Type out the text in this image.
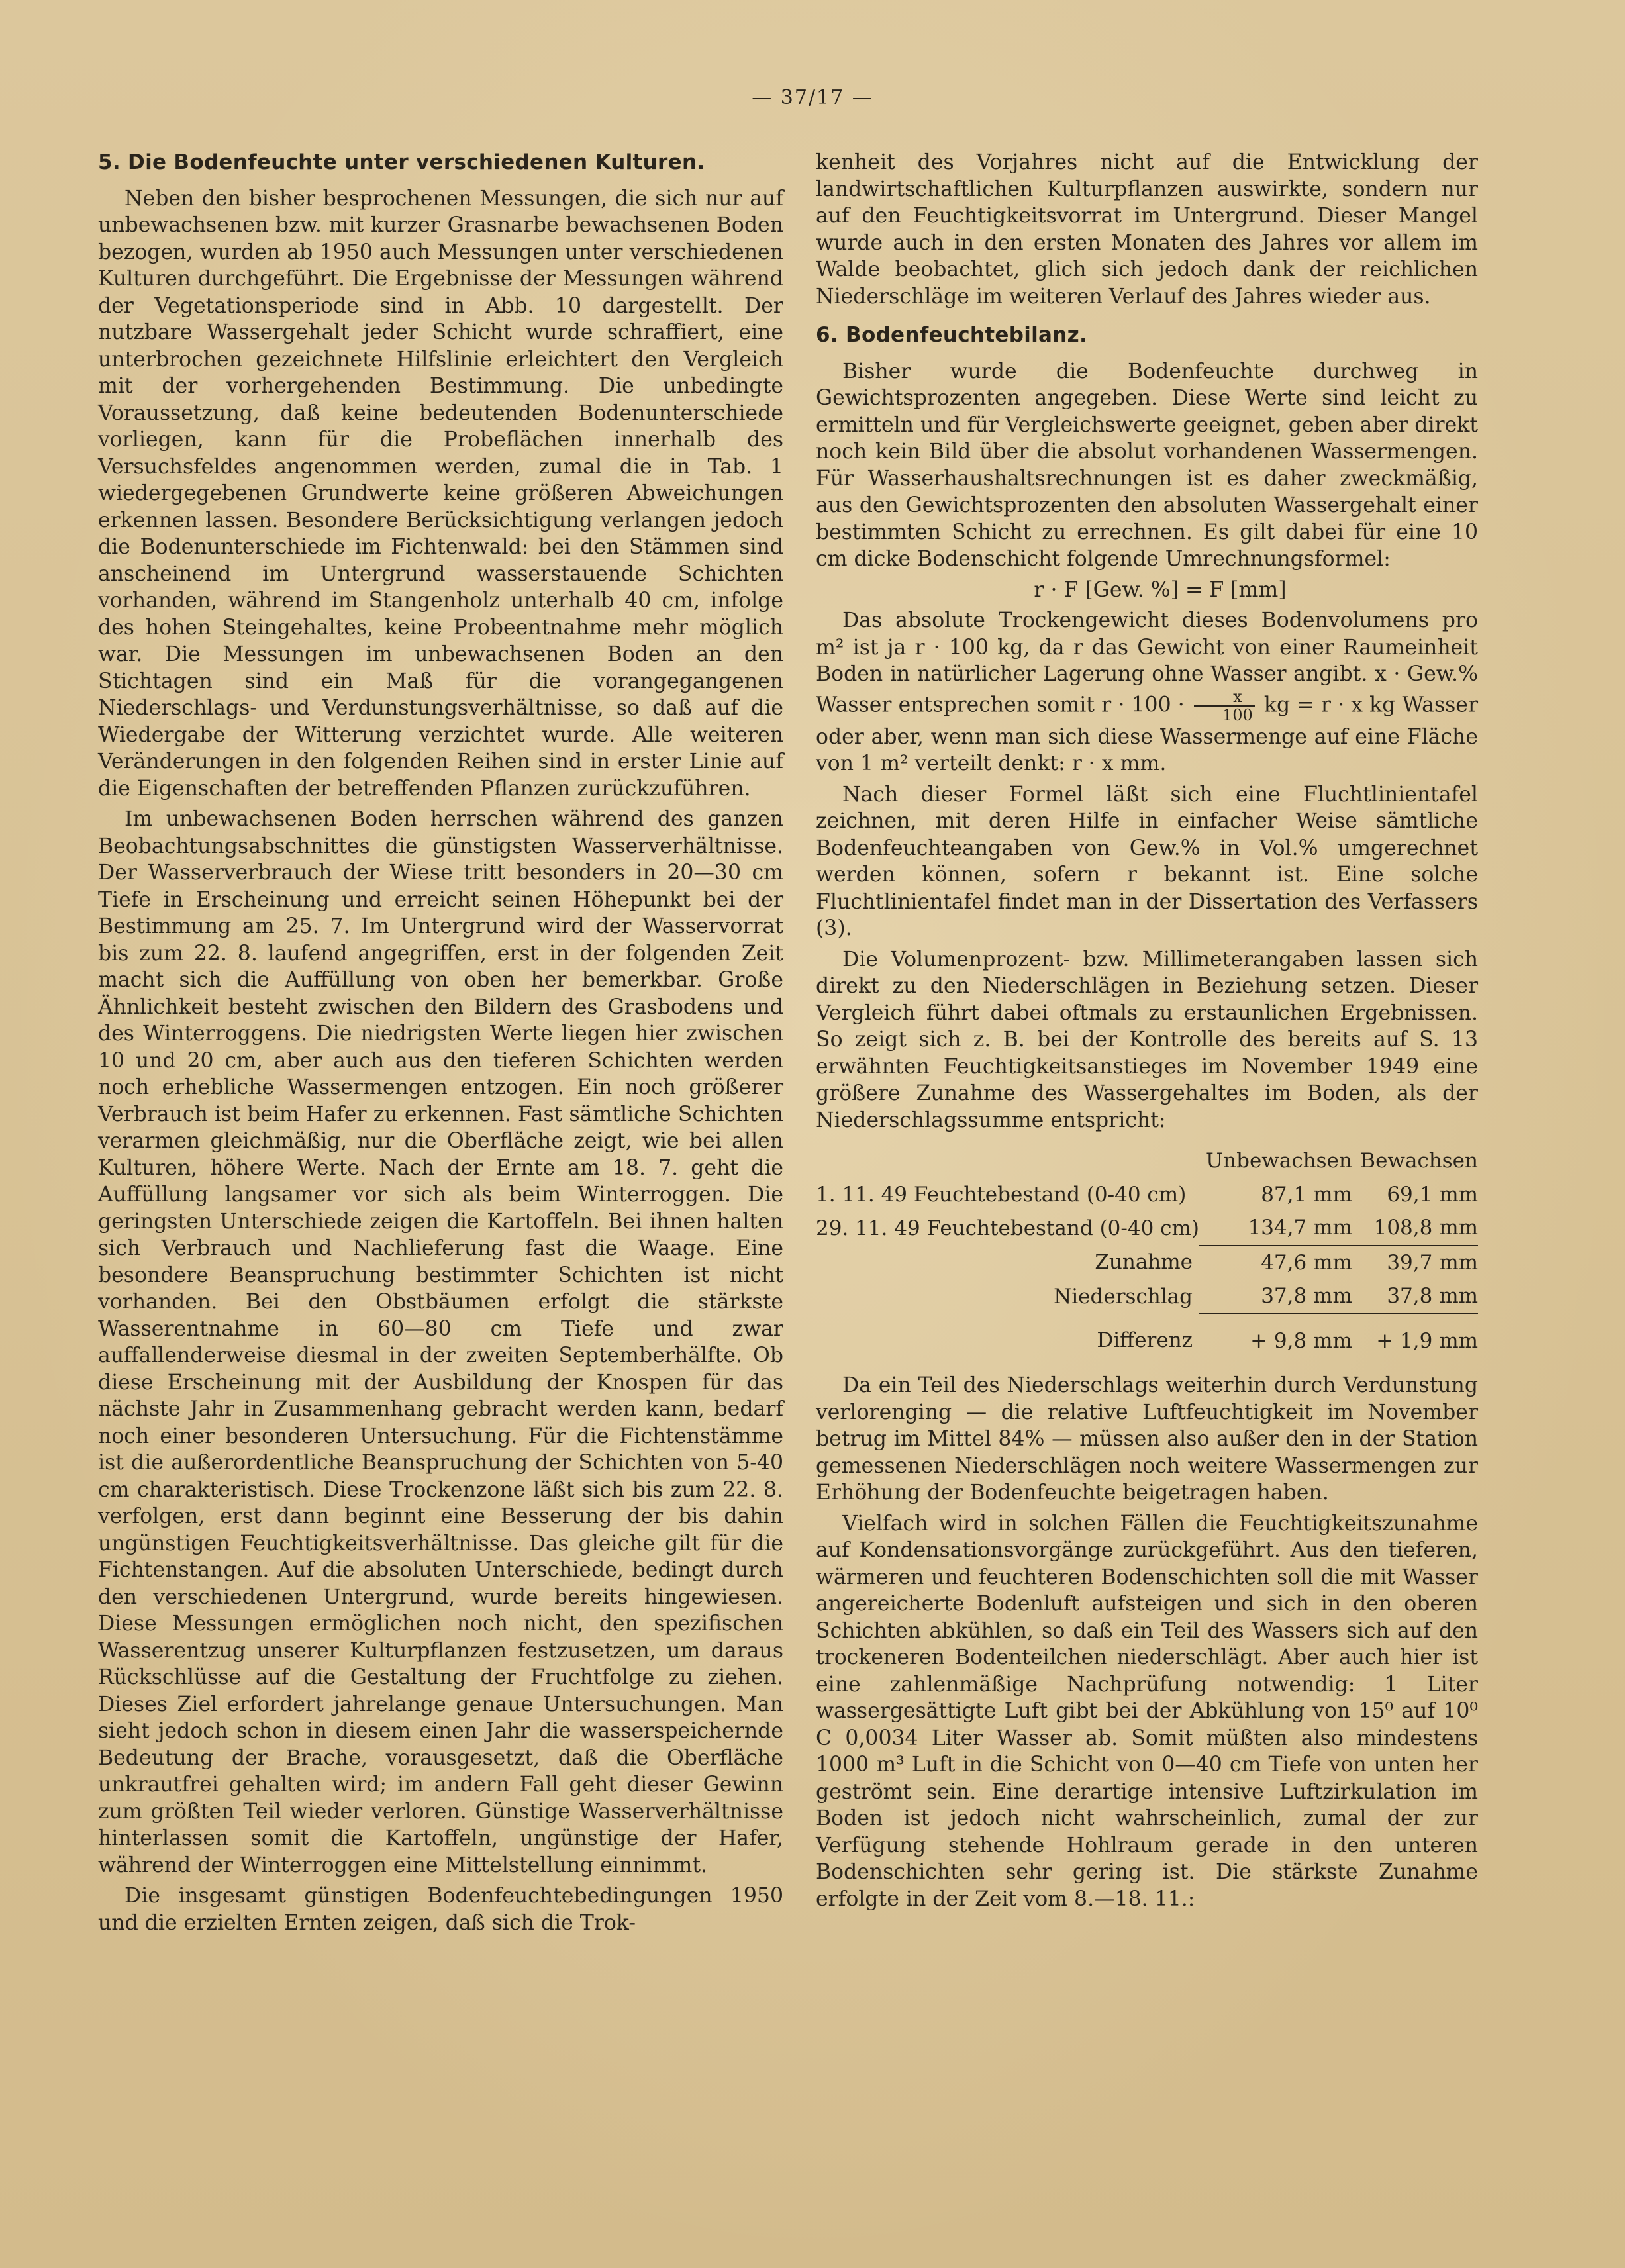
— 37/17 —
5. Die Bodenfeuchte unter verschiedenen Kulturen.

Neben den bisher besprochenen Messungen, die sich nur auf unbewachsenen bzw. mit kurzer Grasnarbe bewachsenen Boden bezogen, wurden ab 1950 auch Messungen unter verschiedenen Kulturen durchgeführt. Die Ergebnisse der Messungen während der Vegetationsperiode sind in Abb. 10 dargestellt. Der nutzbare Wassergehalt jeder Schicht wurde schraffiert, eine unterbrochen gezeichnete Hilfslinie erleichtert den Vergleich mit der vorhergehenden Bestimmung. Die unbedingte Voraussetzung, daß keine bedeutenden Bodenunterschiede vorliegen, kann für die Probeflächen innerhalb des Versuchsfeldes angenommen werden, zumal die in Tab. 1 wiedergegebenen Grundwerte keine größeren Abweichungen erkennen lassen. Besondere Berücksichtigung verlangen jedoch die Bodenunterschiede im Fichtenwald: bei den Stämmen sind anscheinend im Untergrund wasserstauende Schichten vorhanden, während im Stangenholz unterhalb 40 cm, infolge des hohen Steingehaltes, keine Probeentnahme mehr möglich war. Die Messungen im unbewachsenen Boden an den Stichtagen sind ein Maß für die vorangegangenen Niederschlags- und Verdunstungsverhältnisse, so daß auf die Wiedergabe der Witterung verzichtet wurde. Alle weiteren Veränderungen in den folgenden Reihen sind in erster Linie auf die Eigenschaften der betreffenden Pflanzen zurückzuführen.

Im unbewachsenen Boden herrschen während des ganzen Beobachtungsabschnittes die günstigsten Wasserverhältnisse. Der Wasserverbrauch der Wiese tritt besonders in 20—30 cm Tiefe in Erscheinung und erreicht seinen Höhepunkt bei der Bestimmung am 25. 7. Im Untergrund wird der Wasservorrat bis zum 22. 8. laufend angegriffen, erst in der folgenden Zeit macht sich die Auffüllung von oben her bemerkbar. Große Ähnlichkeit besteht zwischen den Bildern des Grasbodens und des Winterroggens. Die niedrigsten Werte liegen hier zwischen 10 und 20 cm, aber auch aus den tieferen Schichten werden noch erhebliche Wassermengen entzogen. Ein noch größerer Verbrauch ist beim Hafer zu erkennen. Fast sämtliche Schichten verarmen gleichmäßig, nur die Oberfläche zeigt, wie bei allen Kulturen, höhere Werte. Nach der Ernte am 18. 7. geht die Auffüllung langsamer vor sich als beim Winterroggen. Die geringsten Unterschiede zeigen die Kartoffeln. Bei ihnen halten sich Verbrauch und Nachlieferung fast die Waage. Eine besondere Beanspruchung bestimmter Schichten ist nicht vorhanden. Bei den Obstbäumen erfolgt die stärkste Wasserentnahme in 60—80 cm Tiefe und zwar auffallenderweise diesmal in der zweiten Septemberhälfte. Ob diese Erscheinung mit der Ausbildung der Knospen für das nächste Jahr in Zusammenhang gebracht werden kann, bedarf noch einer besonderen Untersuchung. Für die Fichtenstämme ist die außerordentliche Beanspruchung der Schichten von 5-40 cm charakteristisch. Diese Trockenzone läßt sich bis zum 22. 8. verfolgen, erst dann beginnt eine Besserung der bis dahin ungünstigen Feuchtigkeitsverhältnisse. Das gleiche gilt für die Fichtenstangen. Auf die absoluten Unterschiede, bedingt durch den verschiedenen Untergrund, wurde bereits hingewiesen. Diese Messungen ermöglichen noch nicht, den spezifischen Wasserentzug unserer Kulturpflanzen festzusetzen, um daraus Rückschlüsse auf die Gestaltung der Fruchtfolge zu ziehen. Dieses Ziel erfordert jahrelange genaue Untersuchungen. Man sieht jedoch schon in diesem einen Jahr die wasserspeichernde Bedeutung der Brache, vorausgesetzt, daß die Oberfläche unkrautfrei gehalten wird; im andern Fall geht dieser Gewinn zum größten Teil wieder verloren. Günstige Wasserverhältnisse hinterlassen somit die Kartoffeln, ungünstige der Hafer, während der Winterroggen eine Mittelstellung einnimmt.

Die insgesamt günstigen Bodenfeuchtebedingungen 1950 und die erzielten Ernten zeigen, daß sich die Trok-

kenheit des Vorjahres nicht auf die Entwicklung der landwirtschaftlichen Kulturpflanzen auswirkte, sondern nur auf den Feuchtigkeitsvorrat im Untergrund. Dieser Mangel wurde auch in den ersten Monaten des Jahres vor allem im Walde beobachtet, glich sich jedoch dank der reichlichen Niederschläge im weiteren Verlauf des Jahres wieder aus.

6. Bodenfeuchtebilanz.

Bisher wurde die Bodenfeuchte durchweg in Gewichtsprozenten angegeben. Diese Werte sind leicht zu ermitteln und für Vergleichswerte geeignet, geben aber direkt noch kein Bild über die absolut vorhandenen Wassermengen. Für Wasserhaushaltsrechnungen ist es daher zweckmäßig, aus den Gewichtsprozenten den absoluten Wassergehalt einer bestimmten Schicht zu errechnen. Es gilt dabei für eine 10 cm dicke Bodenschicht folgende Umrechnungsformel:

r · F [Gew. %] = F [mm]

Das absolute Trockengewicht dieses Bodenvolumens pro m² ist ja r · 100 kg, da r das Gewicht von einer Raumeinheit Boden in natürlicher Lagerung ohne Wasser angibt. x · Gew.% Wasser entsprechen somit $r \cdot 100 \cdot \frac{x}{100}$ kg = r · x kg Wasser oder aber, wenn man sich diese Wassermenge auf eine Fläche von 1 m² verteilt denkt: r · x mm.

Nach dieser Formel läßt sich eine Fluchtlinientafel zeichnen, mit deren Hilfe in einfacher Weise sämtliche Bodenfeuchteangaben von Gew.% in Vol.% umgerechnet werden können, sofern r bekannt ist. Eine solche Fluchtlinientafel findet man in der Dissertation des Verfassers (3).

Die Volumenprozent- bzw. Millimeterangaben lassen sich direkt zu den Niederschlägen in Beziehung setzen. Dieser Vergleich führt dabei oftmals zu erstaunlichen Ergebnissen. So zeigt sich z. B. bei der Kontrolle des bereits auf S. 13 erwähnten Feuchtigkeitsanstieges im November 1949 eine größere Zunahme des Wassergehaltes im Boden, als der Niederschlagssumme entspricht:

	Unbewachsen	Bewachsen
1. 11. 49 Feuchtebestand (0-40 cm)	87,1 mm	69,1 mm
29. 11. 49 Feuchtebestand (0-40 cm)	134,7 mm	108,8 mm
Zunahme	47,6 mm	39,7 mm
Niederschlag	37,8 mm	37,8 mm
Differenz	+ 9,8 mm	+ 1,9 mm

Da ein Teil des Niederschlags weiterhin durch Verdunstung verlorenging — die relative Luftfeuchtigkeit im November betrug im Mittel 84% — müssen also außer den in der Station gemessenen Niederschlägen noch weitere Wassermengen zur Erhöhung der Bodenfeuchte beigetragen haben.

Vielfach wird in solchen Fällen die Feuchtigkeitszunahme auf Kondensationsvorgänge zurückgeführt. Aus den tieferen, wärmeren und feuchteren Bodenschichten soll die mit Wasser angereicherte Bodenluft aufsteigen und sich in den oberen Schichten abkühlen, so daß ein Teil des Wassers sich auf den trockeneren Bodenteilchen niederschlägt. Aber auch hier ist eine zahlenmäßige Nachprüfung notwendig: 1 Liter wassergesättigte Luft gibt bei der Abkühlung von 15⁰ auf 10⁰ C 0,0034 Liter Wasser ab. Somit müßten also mindestens 1000 m³ Luft in die Schicht von 0—40 cm Tiefe von unten her geströmt sein. Eine derartige intensive Luftzirkulation im Boden ist jedoch nicht wahrscheinlich, zumal der zur Verfügung stehende Hohlraum gerade in den unteren Bodenschichten sehr gering ist. Die stärkste Zunahme erfolgte in der Zeit vom 8.—18. 11.:
